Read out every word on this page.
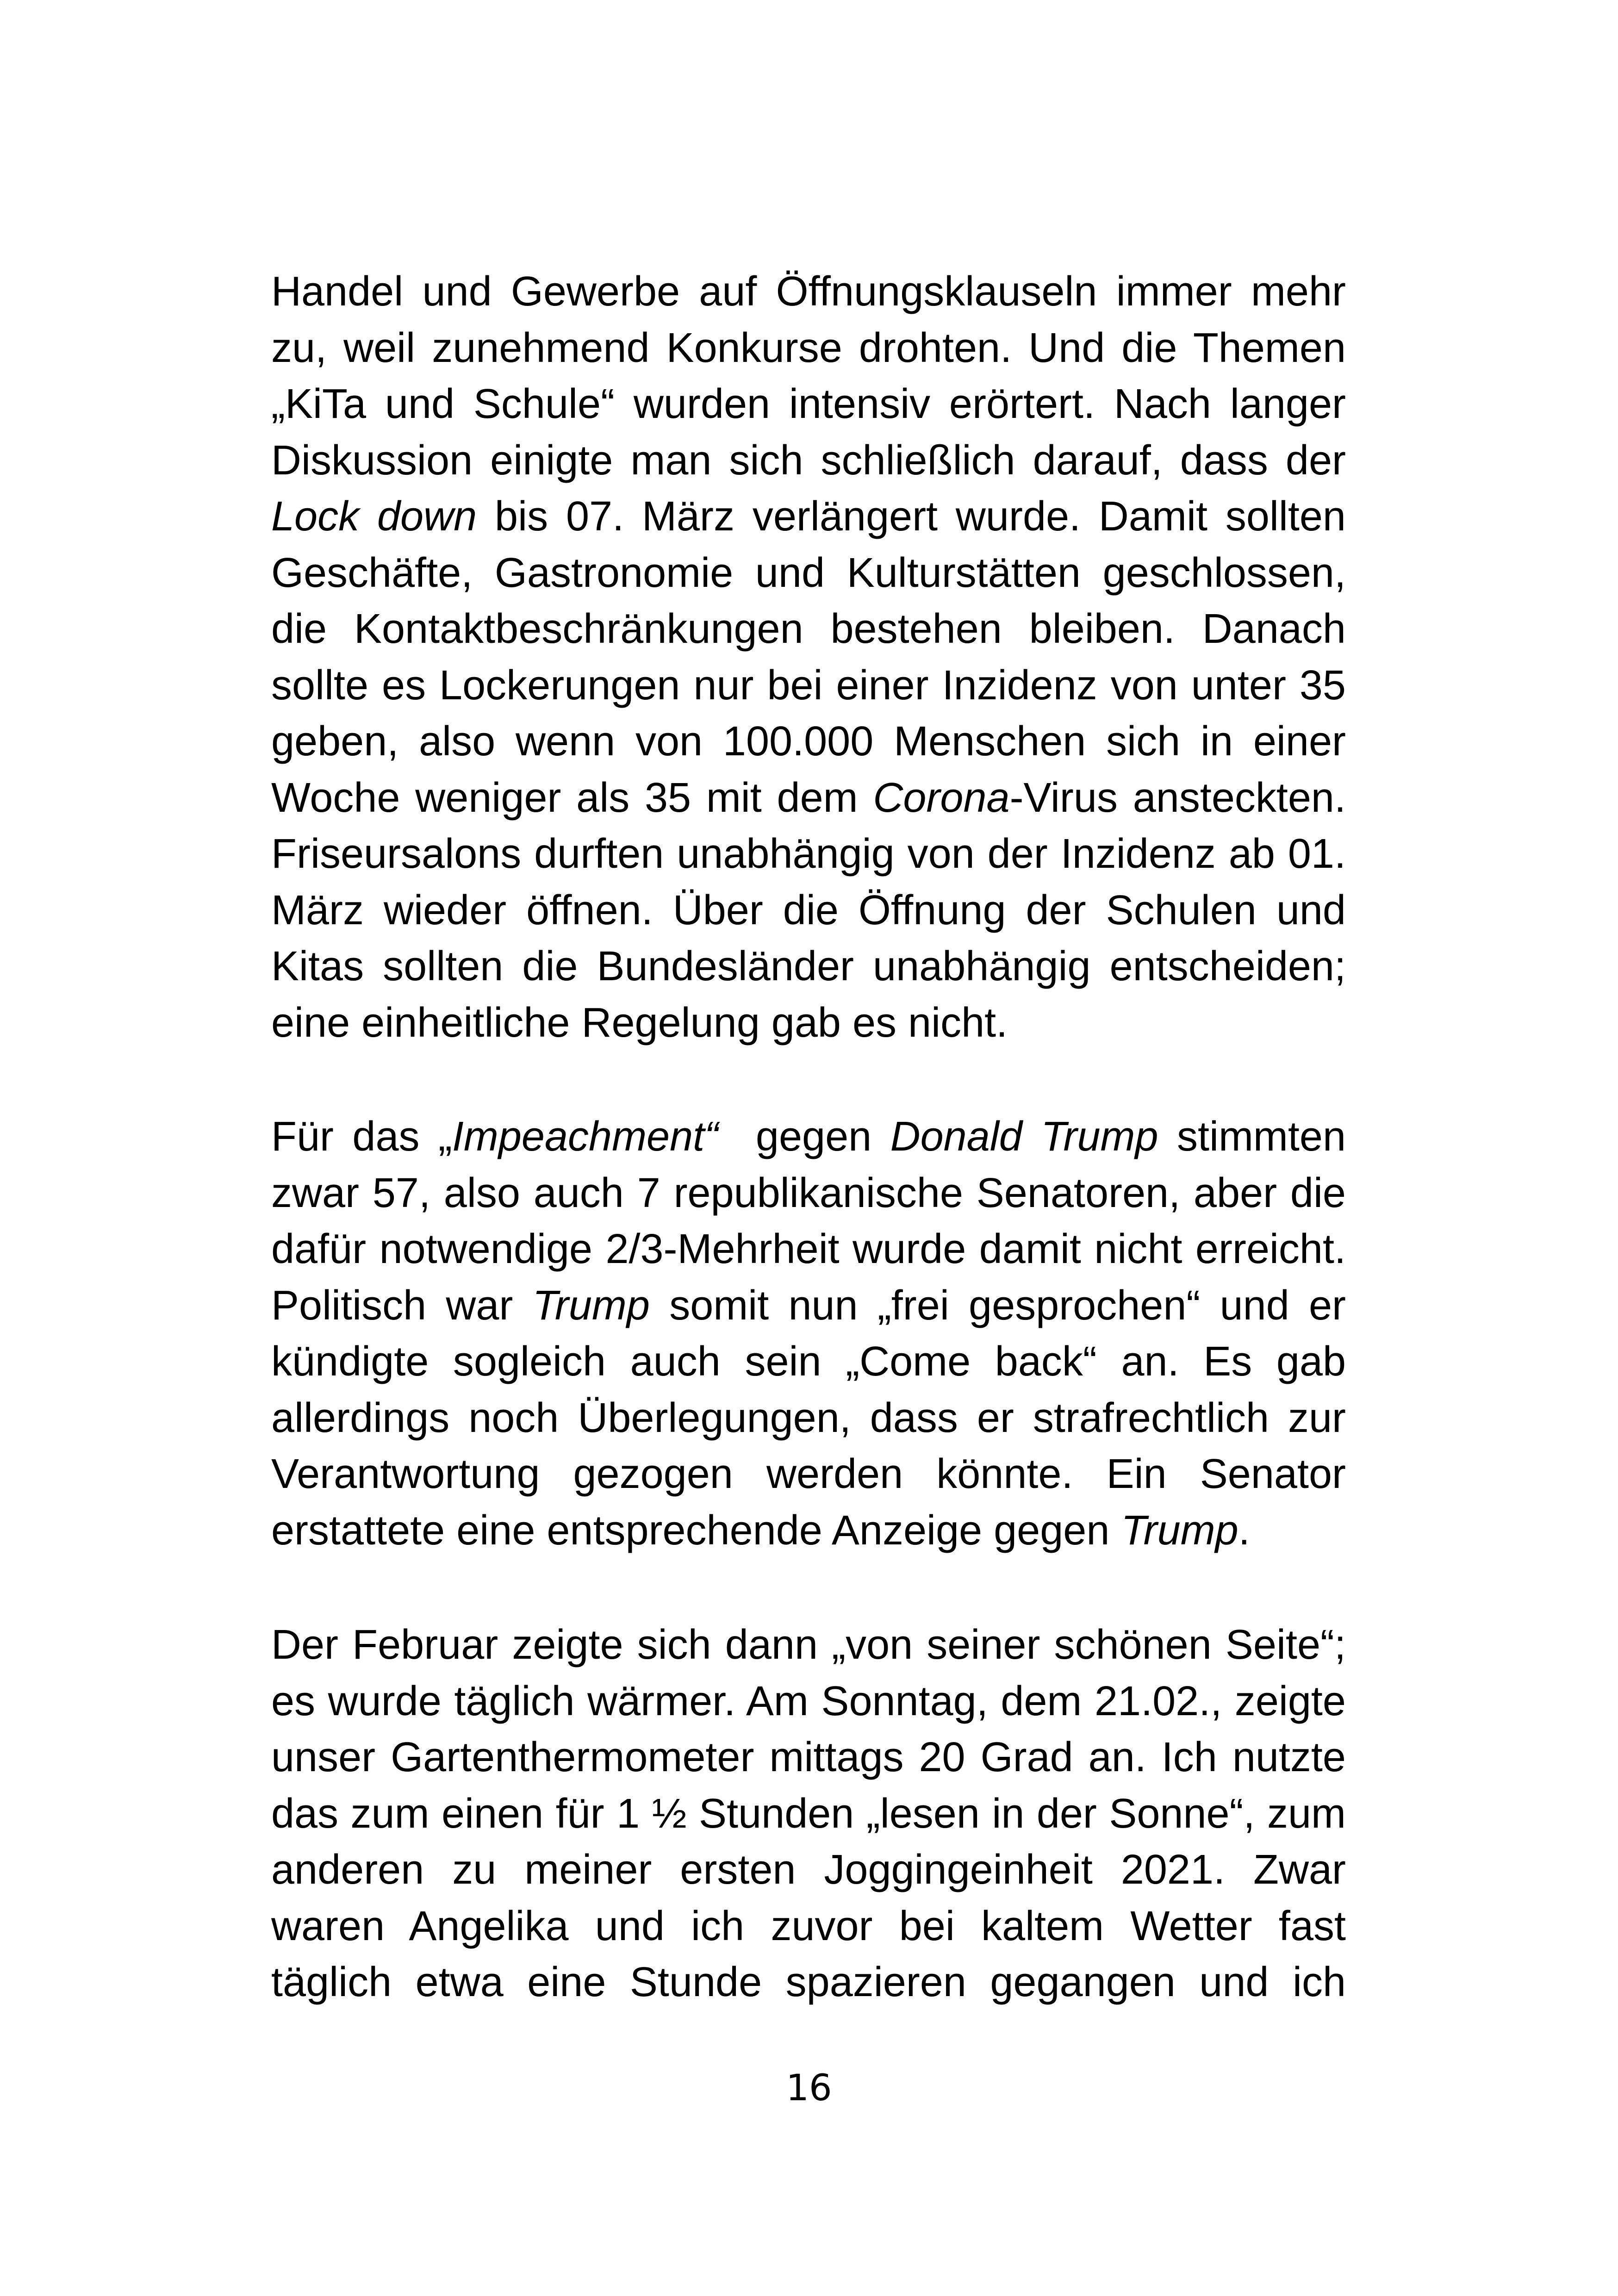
Handel und Gewerbe auf Öffnungsklauseln immer mehr
zu, weil zunehmend Konkurse drohten. Und die Themen
„KiTa und Schule“ wurden intensiv erörtert. Nach langer
Diskussion einigte man sich schließlich darauf, dass der
Lock down bis 07. März verlängert wurde. Damit sollten
Geschäfte, Gastronomie und Kulturstätten geschlossen,
die Kontaktbeschränkungen bestehen bleiben. Danach
sollte es Lockerungen nur bei einer Inzidenz von unter 35
geben, also wenn von 100.000 Menschen sich in einer
Woche weniger als 35 mit dem Corona-Virus ansteckten.
Friseursalons durften unabhängig von der Inzidenz ab 01.
März wieder öffnen. Über die Öffnung der Schulen und
Kitas sollten die Bundesländer unabhängig entscheiden;
eine einheitliche Regelung gab es nicht.
Für das „Impeachment“  gegen Donald Trump stimmten
zwar 57, also auch 7 republikanische Senatoren, aber die
dafür notwendige 2/3-Mehrheit wurde damit nicht erreicht.
Politisch war Trump somit nun „frei gesprochen“ und er
kündigte sogleich auch sein „Come back“ an. Es gab
allerdings noch Überlegungen, dass er strafrechtlich zur
Verantwortung gezogen werden könnte. Ein Senator
erstattete eine entsprechende Anzeige gegen Trump.
Der Februar zeigte sich dann „von seiner schönen Seite“;
es wurde täglich wärmer. Am Sonntag, dem 21.02., zeigte
unser Gartenthermometer mittags 20 Grad an. Ich nutzte
das zum einen für 1 ½ Stunden „lesen in der Sonne“, zum
anderen zu meiner ersten Joggingeinheit 2021. Zwar
waren Angelika und ich zuvor bei kaltem Wetter fast
täglich etwa eine Stunde spazieren gegangen und ich

16
